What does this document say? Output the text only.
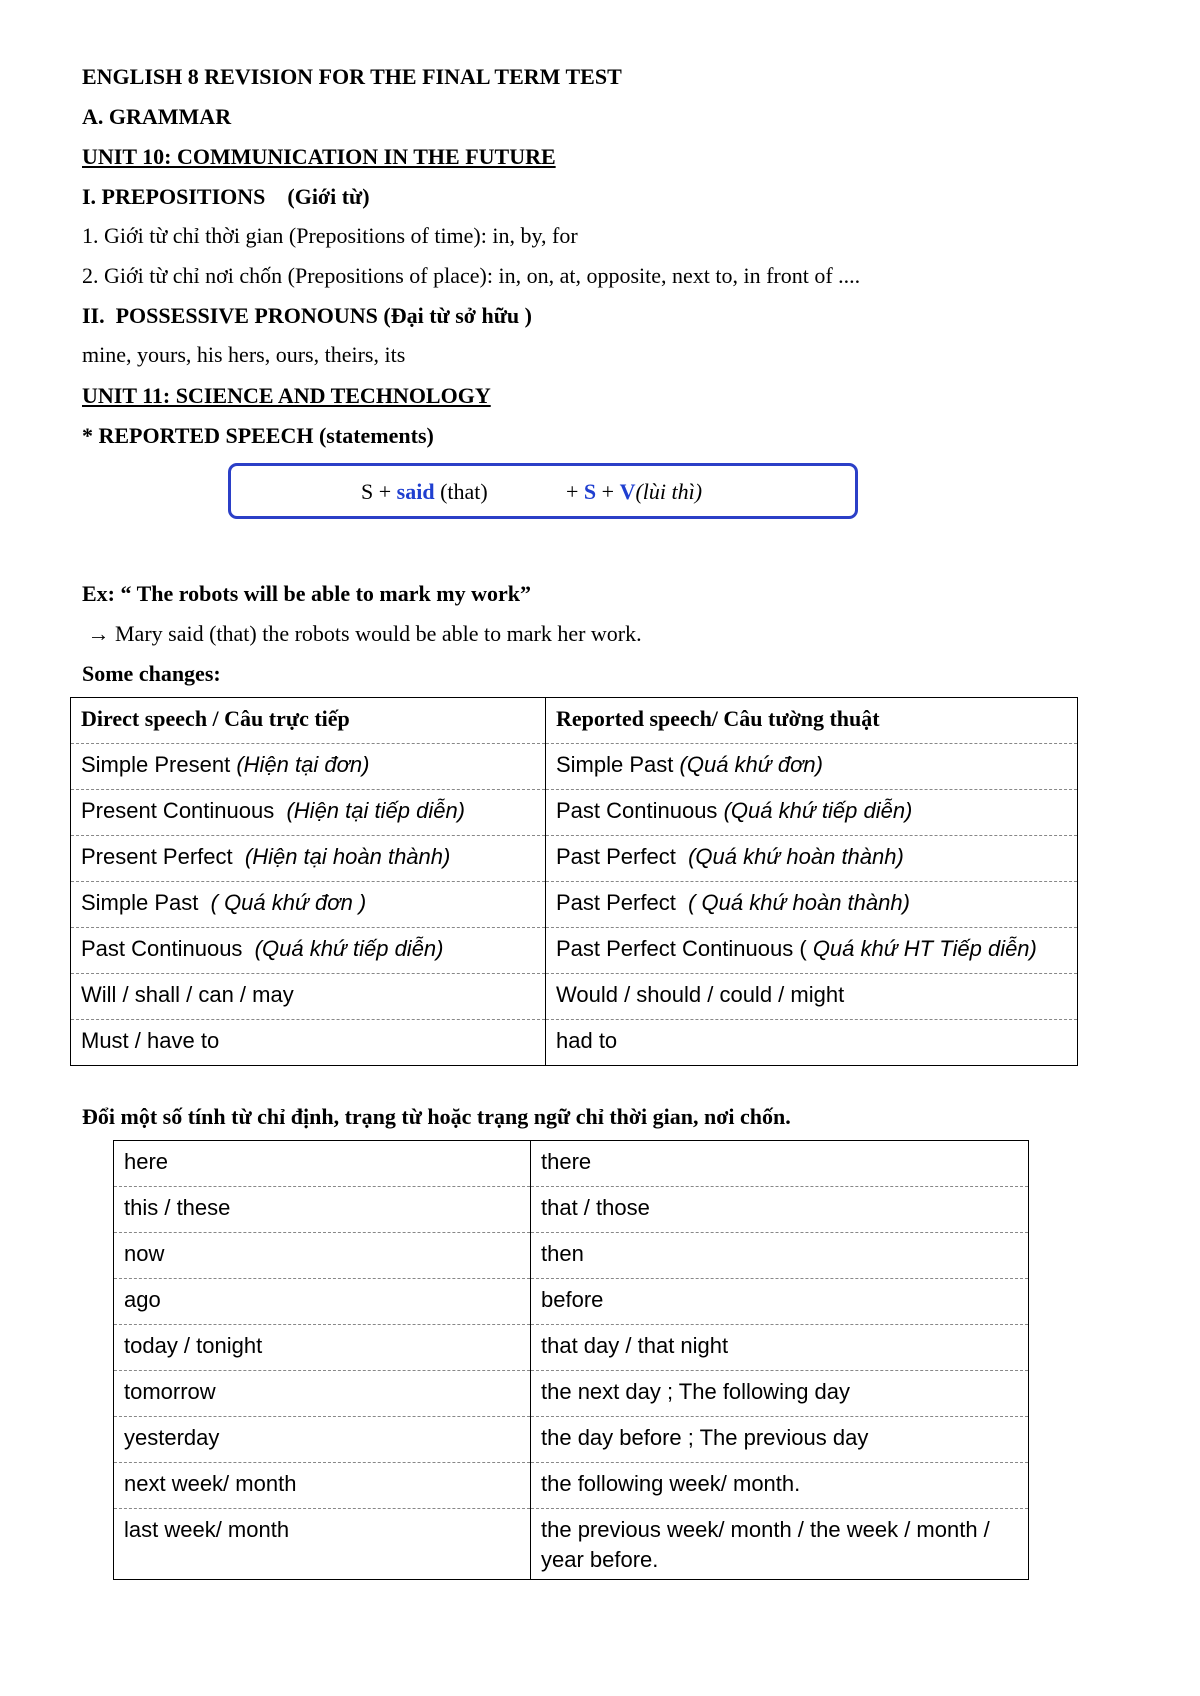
ENGLISH 8 REVISION FOR THE FINAL TERM TEST
A. GRAMMAR
UNIT 10: COMMUNICATION IN THE FUTURE
I. PREPOSITIONS    (Giới từ)
1. Giới từ chỉ thời gian (Prepositions of time): in, by, for
2. Giới từ chỉ nơi chốn (Prepositions of place): in, on, at, opposite, next to, in front of ....
II.  POSSESSIVE PRONOUNS (Đại từ sở hữu )
mine, yours, his hers, ours, theirs, its
UNIT 11: SCIENCE AND TECHNOLOGY
* REPORTED SPEECH (statements)
S + said (that)	+ S + V(lùi thì)
Ex: “ The robots will be able to mark my work”
→ Mary said (that) the robots would be able to mark her work.
Some changes:
Direct speech / Câu trực tiếp	Reported speech/ Câu tường thuật
Simple Present (Hiện tại đơn)	Simple Past (Quá khứ đơn)
Present Continuous (Hiện tại tiếp diễn)	Past Continuous (Quá khứ tiếp diễn)
Present Perfect (Hiện tại hoàn thành)	Past Perfect (Quá khứ hoàn thành)
Simple Past ( Quá khứ đơn )	Past Perfect ( Quá khứ hoàn thành)
Past Continuous (Quá khứ tiếp diễn)	Past Perfect Continuous ( Quá khứ HT Tiếp diễn)
Will / shall / can / may	Would / should / could / might
Must / have to	had to
Đổi một số tính từ chỉ định, trạng từ hoặc trạng ngữ chỉ thời gian, nơi chốn.
here	there
this / these	that / those
now	then
ago	before
today / tonight	that day / that night
tomorrow	the next day ; The following day
yesterday	the day before ; The previous day
next week/ month	the following week/ month.
last week/ month	the previous week/ month / the week / month / year before.
